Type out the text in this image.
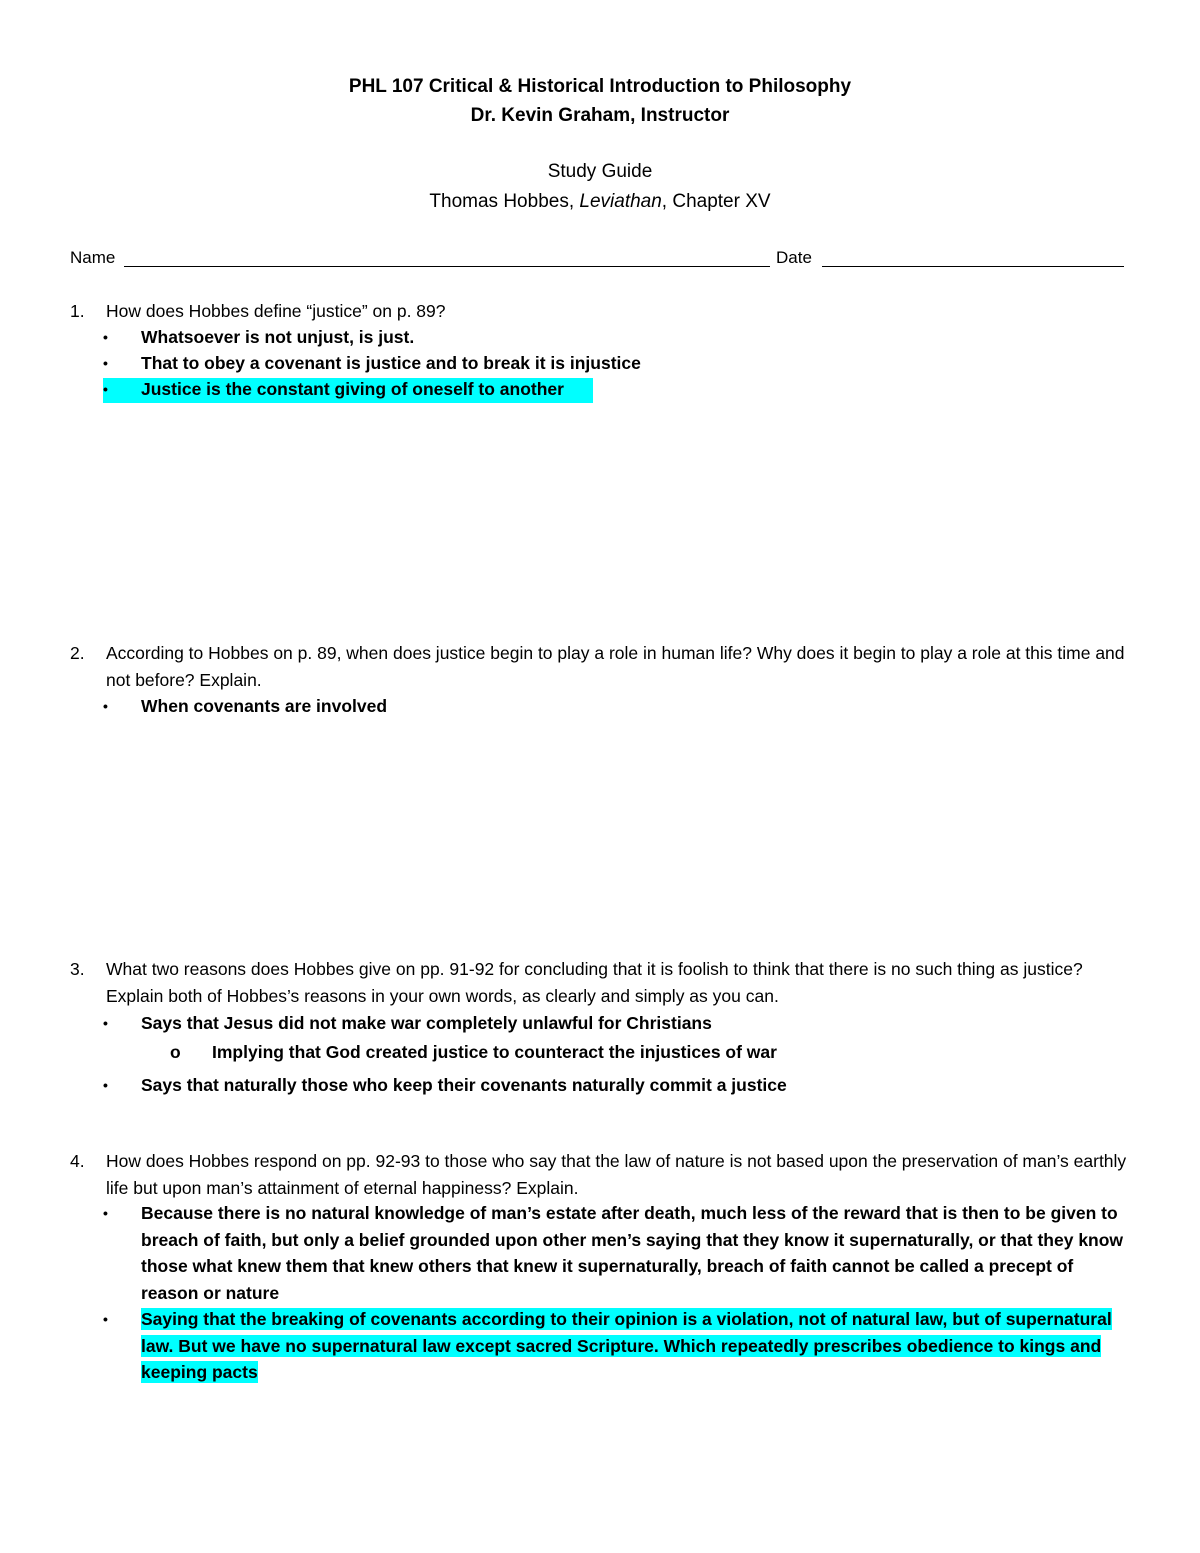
PHL 107 Critical & Historical Introduction to Philosophy
Dr. Kevin Graham, Instructor
Study Guide
Thomas Hobbes, Leviathan, Chapter XV
Name	Date
1. How does Hobbes define “justice” on p. 89?
•	Whatsoever is not unjust, is just.
•	That to obey a covenant is justice and to break it is injustice
•	Justice is the constant giving of oneself to another
2. According to Hobbes on p. 89, when does justice begin to play a role in human life? Why does it begin to play a role at this time and not before? Explain.
•	When covenants are involved
3. What two reasons does Hobbes give on pp. 91-92 for concluding that it is foolish to think that there is no such thing as justice? Explain both of Hobbes’s reasons in your own words, as clearly and simply as you can.
•	Says that Jesus did not make war completely unlawful for Christians
o Implying that God created justice to counteract the injustices of war
•	Says that naturally those who keep their covenants naturally commit a justice
4. How does Hobbes respond on pp. 92-93 to those who say that the law of nature is not based upon the preservation of man’s earthly life but upon man’s attainment of eternal happiness? Explain.
•	Because there is no natural knowledge of man’s estate after death, much less of the reward that is then to be given to breach of faith, but only a belief grounded upon other men’s saying that they know it supernaturally, or that they know those what knew them that knew others that knew it supernaturally, breach of faith cannot be called a precept of reason or nature
•	Saying that the breaking of covenants according to their opinion is a violation, not of natural law, but of supernatural law. But we have no supernatural law except sacred Scripture. Which repeatedly prescribes obedience to kings and keeping pacts
